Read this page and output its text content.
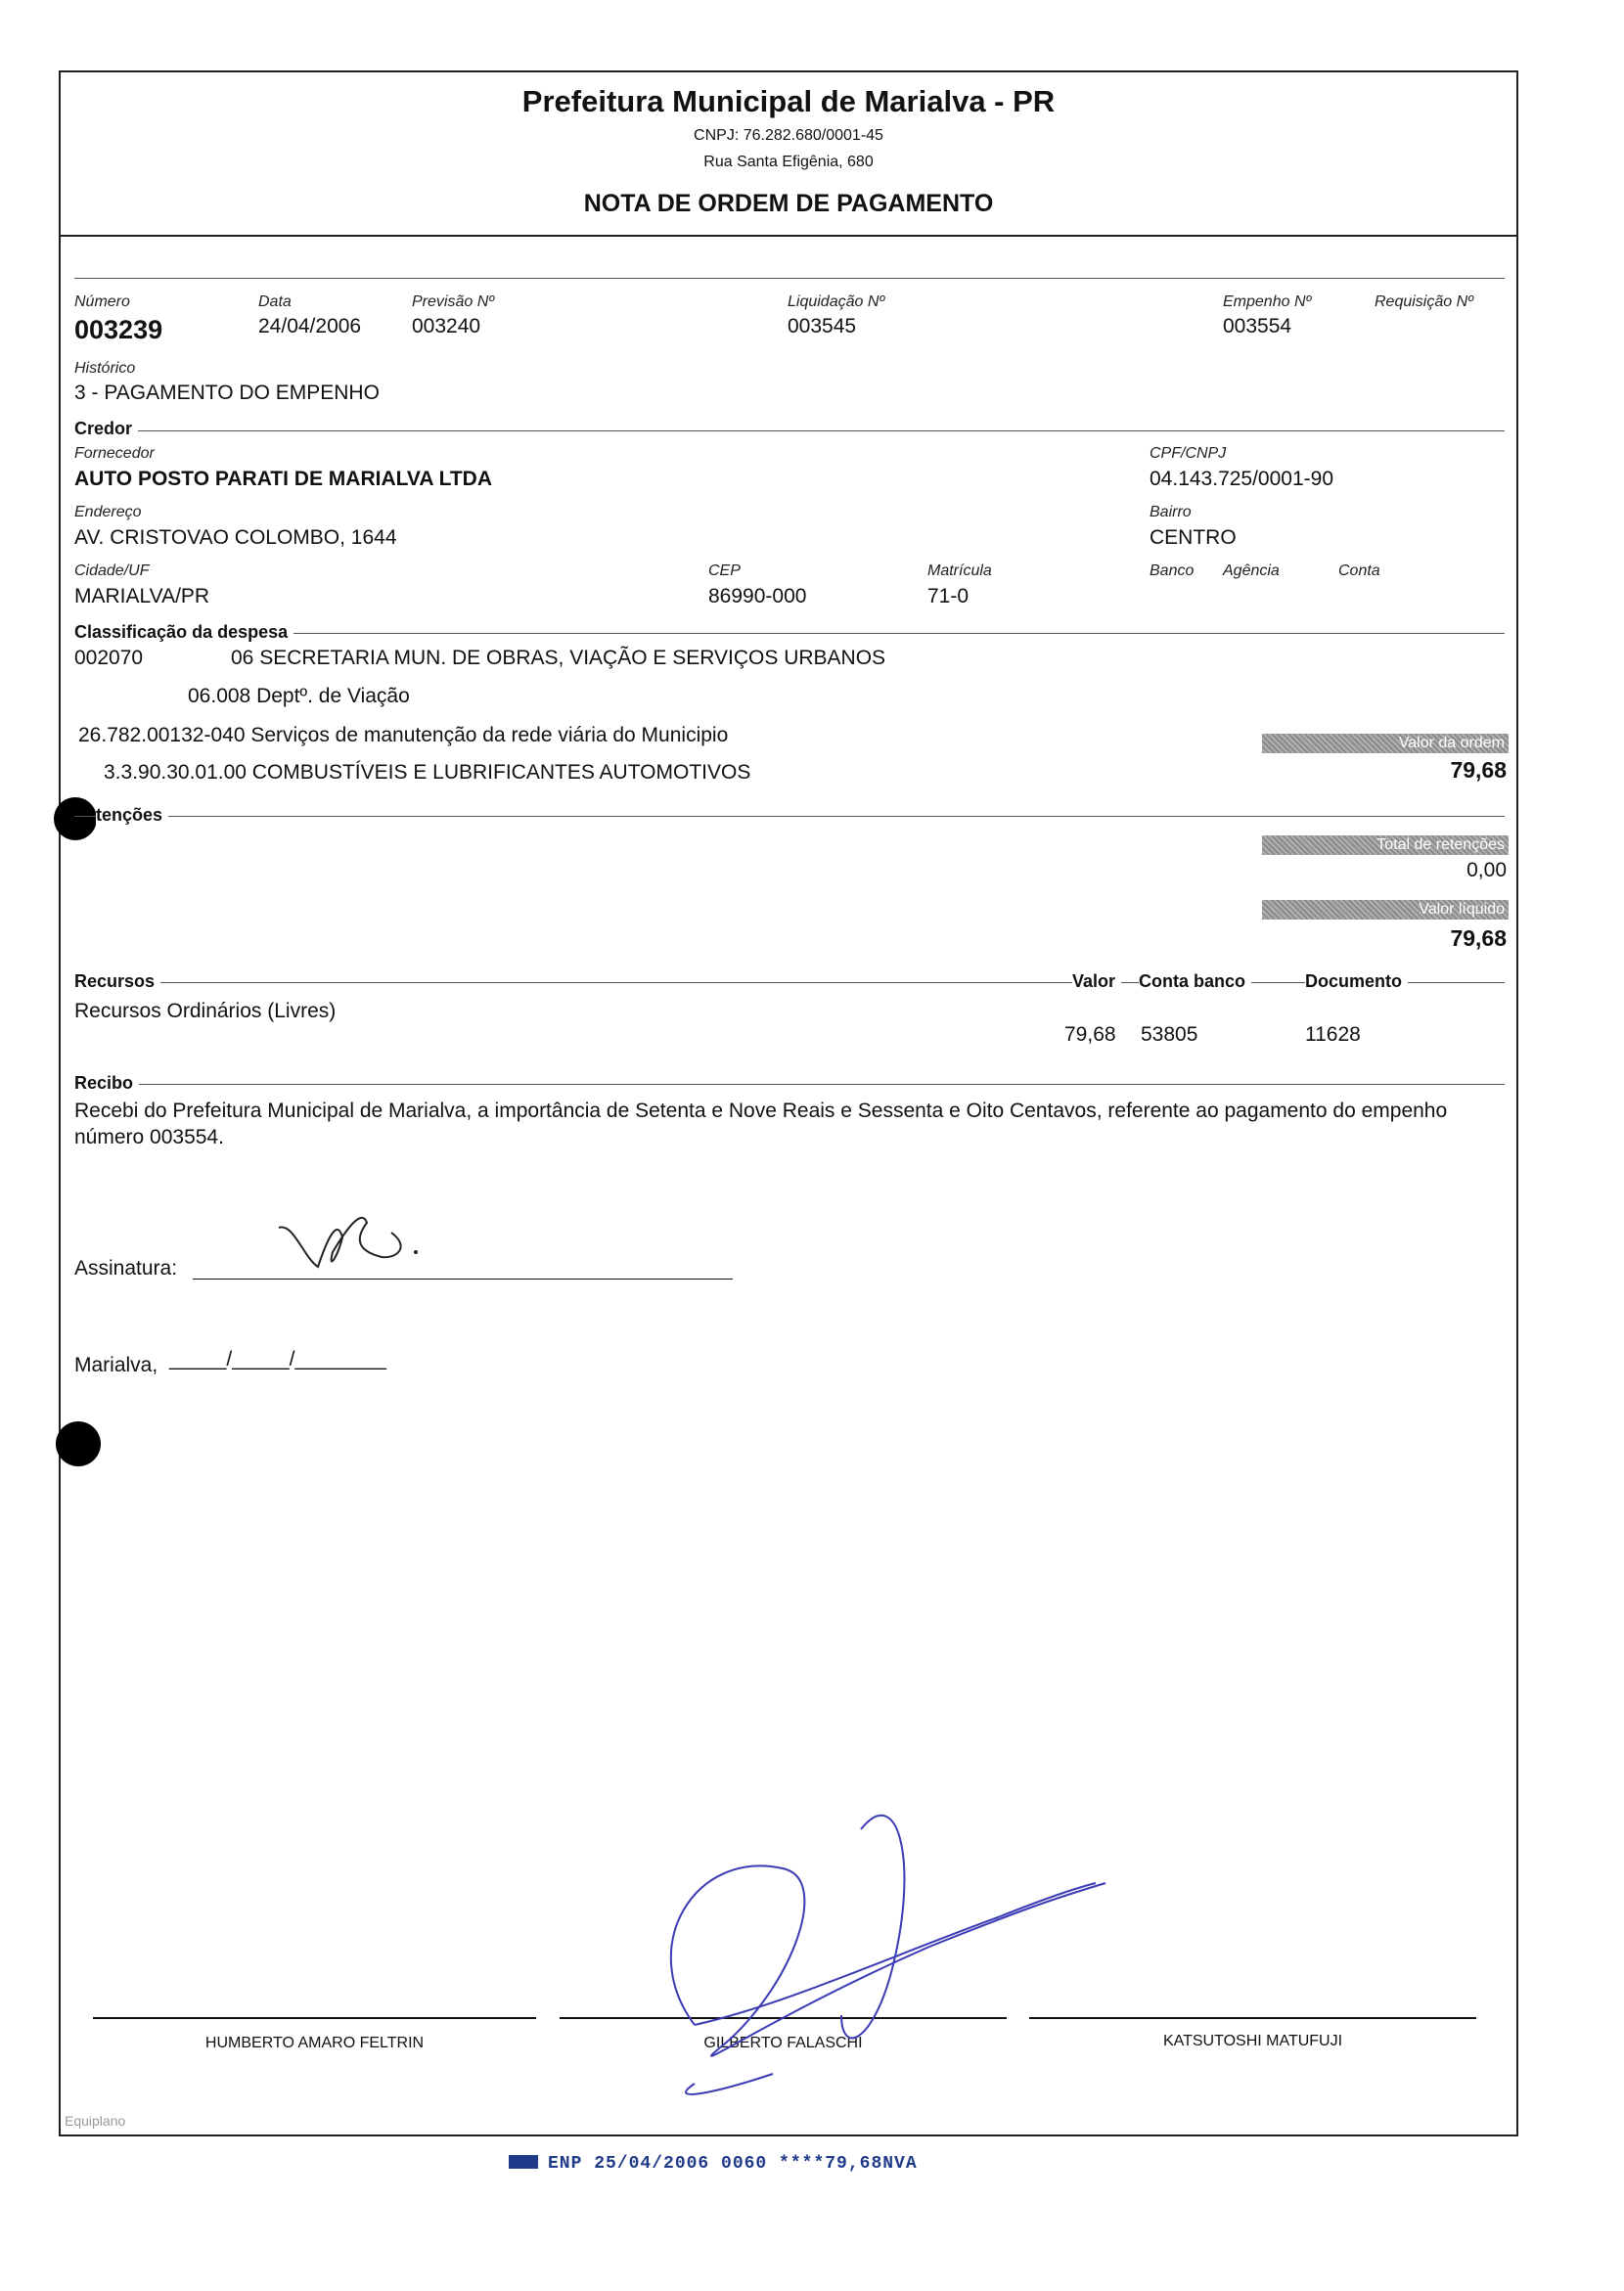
Prefeitura Municipal de Marialva - PR
CNPJ: 76.282.680/0001-45
Rua Santa Efigênia, 680
NOTA DE ORDEM DE PAGAMENTO
Número
003239
Data
24/04/2006
Previsão Nº
003240
Liquidação Nº
003545
Empenho Nº
003554
Requisição Nº
Histórico
3 - PAGAMENTO DO EMPENHO
Credor
Fornecedor
AUTO POSTO PARATI DE MARIALVA LTDA
CPF/CNPJ
04.143.725/0001-90
Endereço
AV. CRISTOVAO COLOMBO, 1644
Bairro
CENTRO
Cidade/UF
MARIALVA/PR
CEP
86990-000
Matrícula
71-0
Banco Agência	Conta
Classificação da despesa
002070	06 SECRETARIA MUN. DE OBRAS, VIAÇÃO E SERVIÇOS URBANOS
06.008 Deptº. de Viação
26.782.00132-040 Serviços de manutenção da rede viária do Municipio
3.3.90.30.01.00 COMBUSTÍVEIS E LUBRIFICANTES AUTOMOTIVOS
Valor da ordem
79,68
tenções
Total de retenções
0,00
Valor líquido
79,68
Recursos	Valor	Conta banco	Documento
Recursos Ordinários (Livres)
79,68 53805	11628
Recibo
Recebi do Prefeitura Municipal de Marialva, a importância de Setenta e Nove Reais e Sessenta e Oito Centavos, referente ao pagamento do empenho número 003554.
Assinatura:
Marialva, _____/_____/________
HUMBERTO AMARO FELTRIN	GILBERTO FALASCHI	KATSUTOSHI MATUFUJI
Equiplano
ENP 25/04/2006 0060 ****79,68NVA
